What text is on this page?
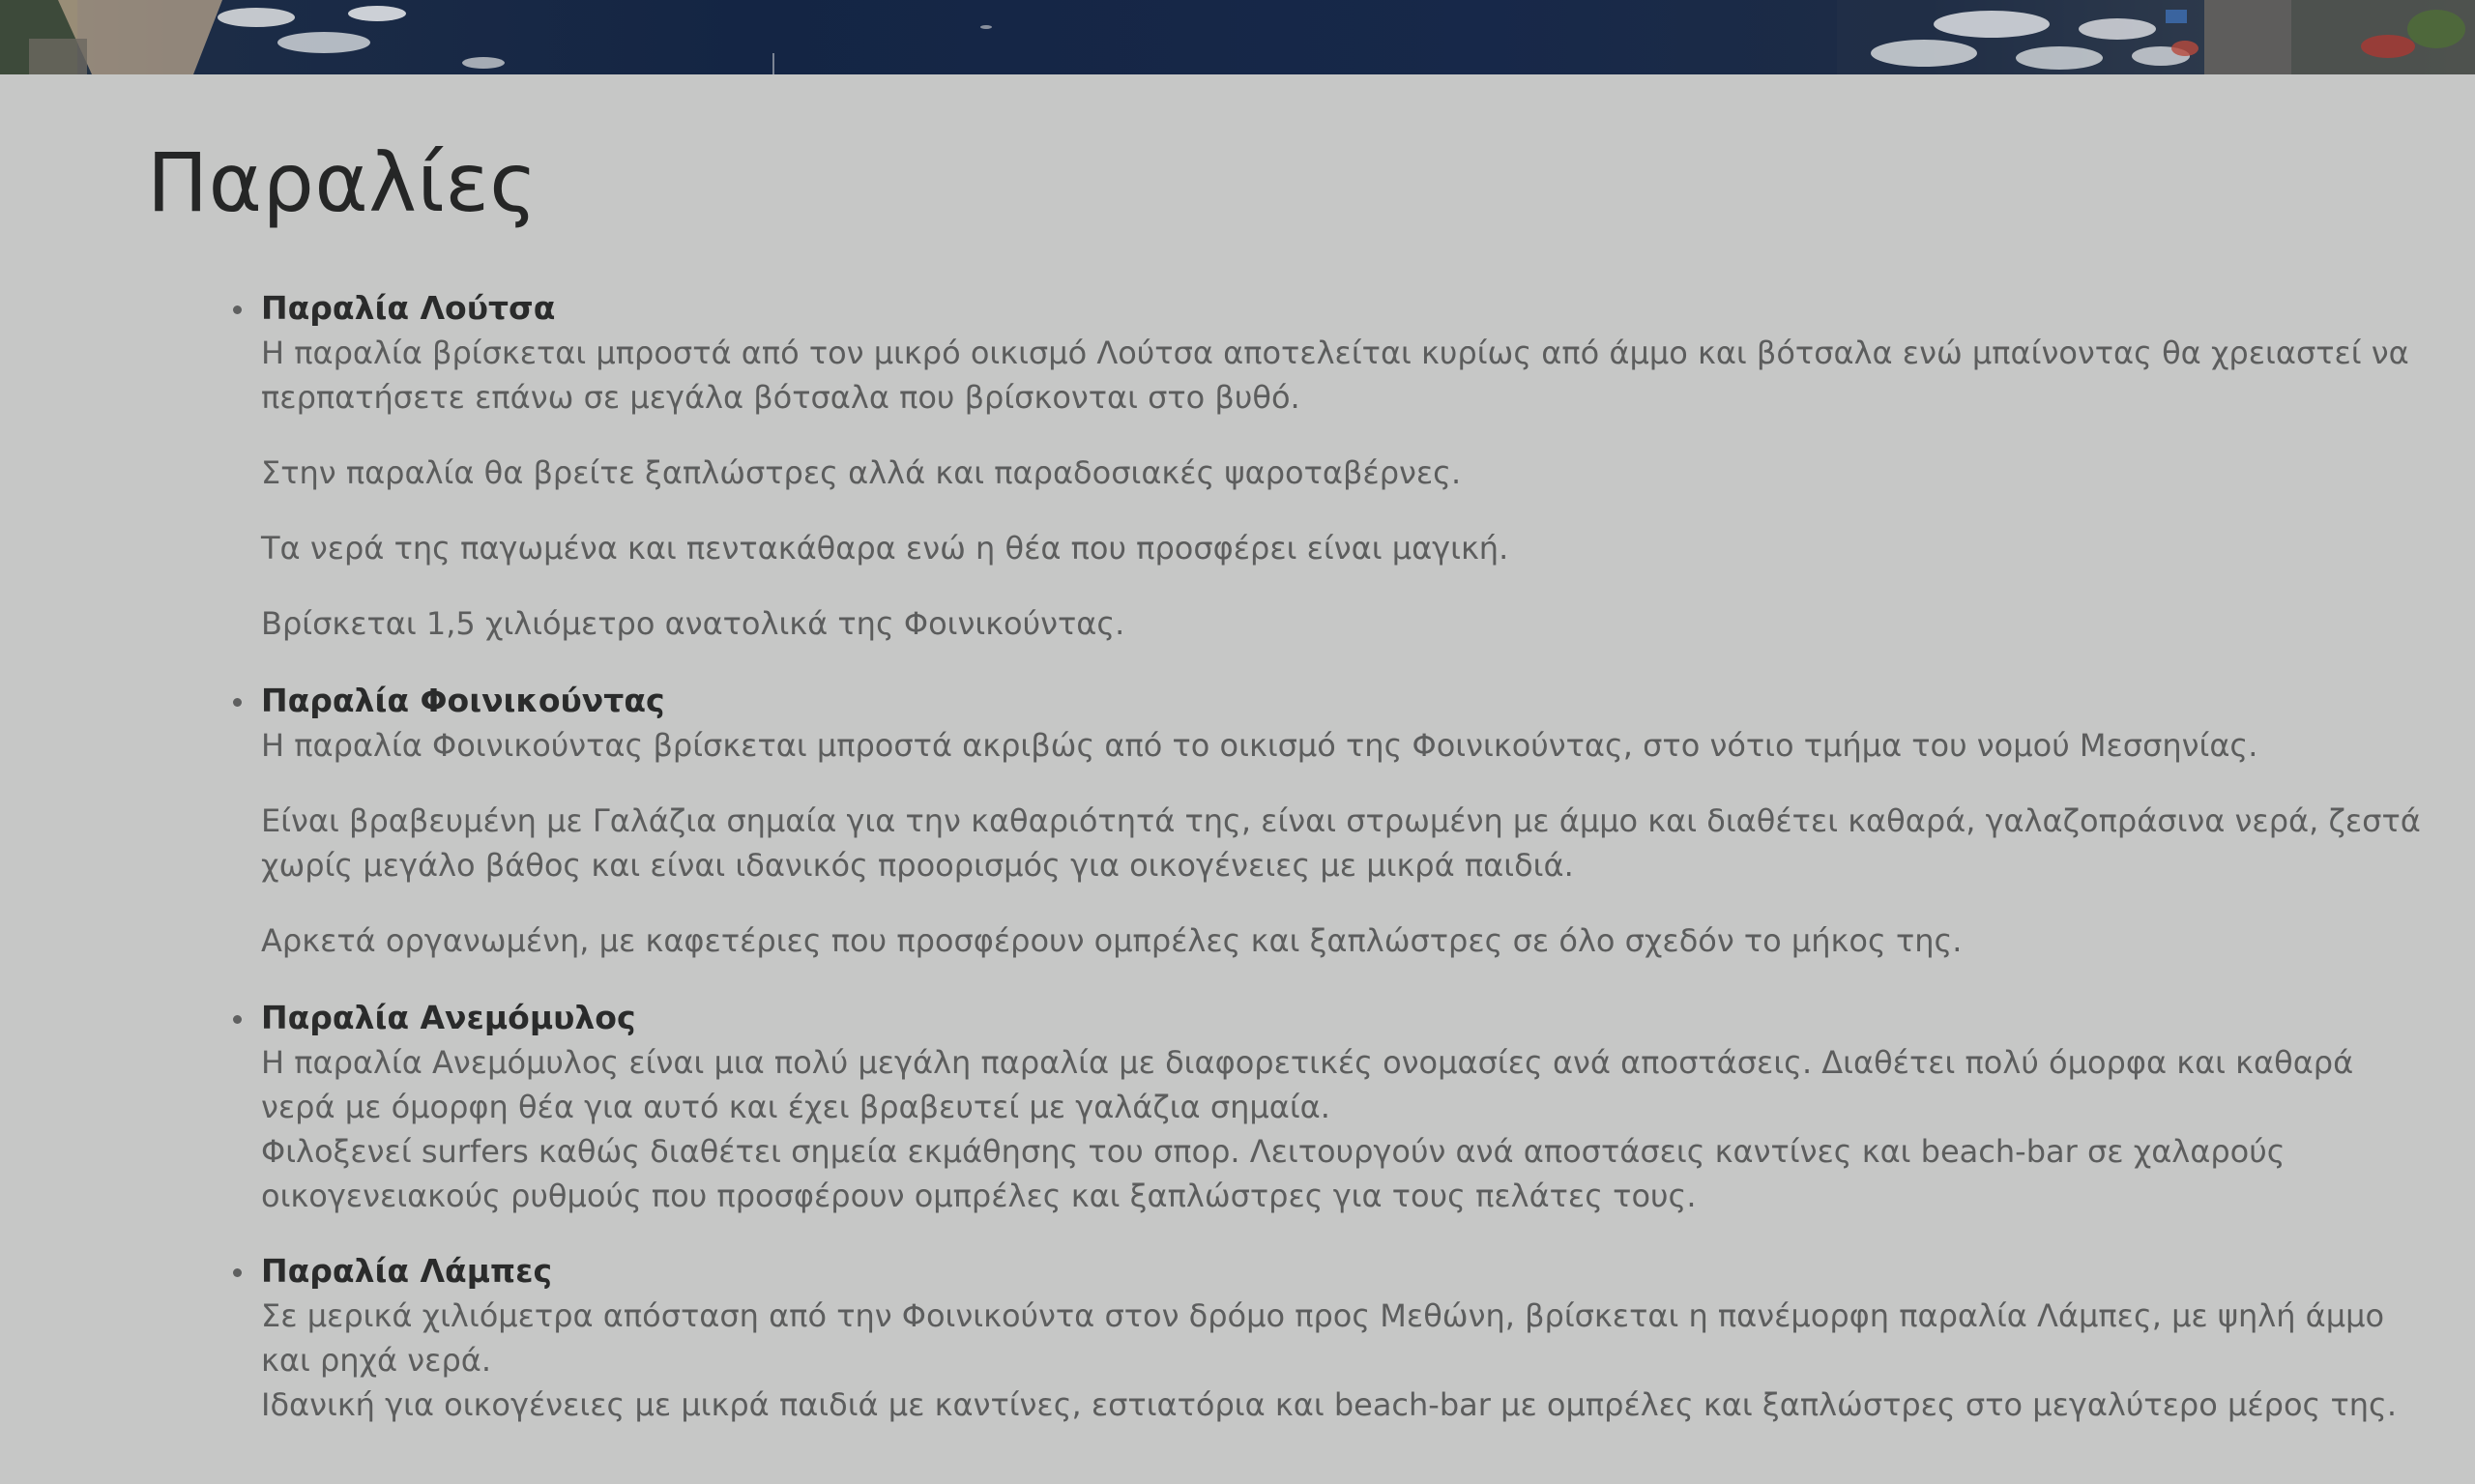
Παραλίες
Παραλία Λούτσα

Η παραλία βρίσκεται μπροστά από τον μικρό οικισμό Λούτσα αποτελείται κυρίως από άμμο και βότσαλα ενώ μπαίνοντας θα χρειαστεί να
περπατήσετε επάνω σε μεγάλα βότσαλα που βρίσκονται στο βυθό.

Στην παραλία θα βρείτε ξαπλώστρες αλλά και παραδοσιακές ψαροταβέρνες.

Τα νερά της παγωμένα και πεντακάθαρα ενώ η θέα που προσφέρει είναι μαγική.

Βρίσκεται 1,5 χιλιόμετρο ανατολικά της Φοινικούντας.

Παραλία Φοινικούντας

Η παραλία Φοινικούντας βρίσκεται μπροστά ακριβώς από το οικισμό της Φοινικούντας, στο νότιο τμήμα του νομού Μεσσηνίας.

Είναι βραβευμένη με Γαλάζια σημαία για την καθαριότητά της, είναι στρωμένη με άμμο και διαθέτει καθαρά, γαλαζοπράσινα νερά, ζεστά
χωρίς μεγάλο βάθος και είναι ιδανικός προορισμός για οικογένειες με μικρά παιδιά.

Αρκετά οργανωμένη, με καφετέριες που προσφέρουν ομπρέλες και ξαπλώστρες σε όλο σχεδόν το μήκος της.

Παραλία Ανεμόμυλος

Η παραλία Ανεμόμυλος είναι μια πολύ μεγάλη παραλία με διαφορετικές ονομασίες ανά αποστάσεις. Διαθέτει πολύ όμορφα και καθαρά
νερά με όμορφη θέα για αυτό και έχει βραβευτεί με γαλάζια σημαία.
Φιλοξενεί surfers καθώς διαθέτει σημεία εκμάθησης του σπορ. Λειτουργούν ανά αποστάσεις καντίνες και beach-bar σε χαλαρούς
οικογενειακούς ρυθμούς που προσφέρουν ομπρέλες και ξαπλώστρες για τους πελάτες τους.

Παραλία Λάμπες

Σε μερικά χιλιόμετρα απόσταση από την Φοινικούντα στον δρόμο προς Μεθώνη, βρίσκεται η πανέμορφη παραλία Λάμπες, με ψηλή άμμο
και ρηχά νερά.
Ιδανική για οικογένειες με μικρά παιδιά με καντίνες, εστιατόρια και beach-bar με ομπρέλες και ξαπλώστρες στο μεγαλύτερο μέρος της.
